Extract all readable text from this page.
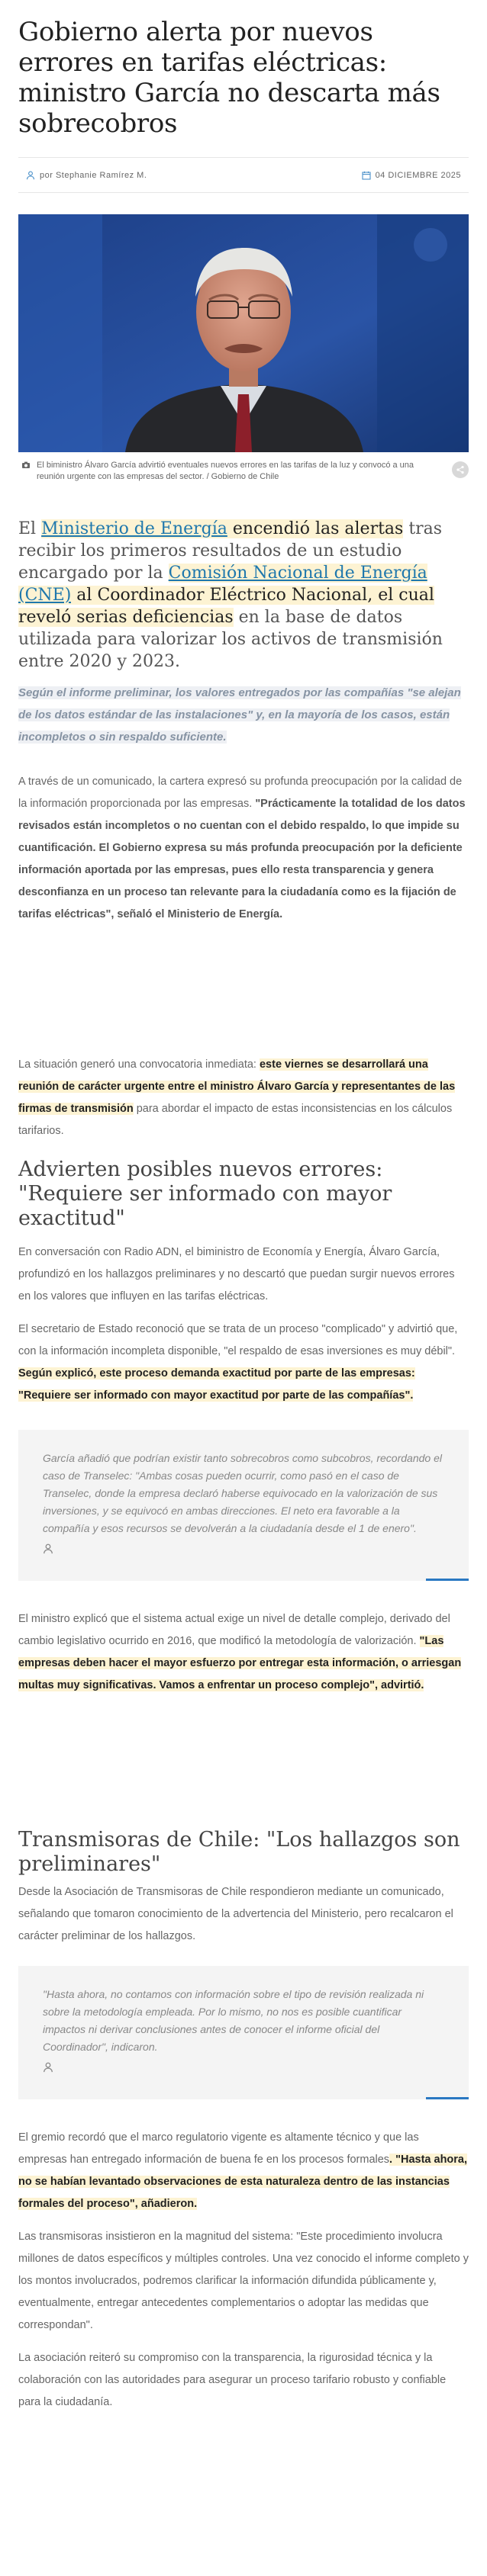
Gobierno alerta por nuevos errores en tarifas eléctricas: ministro García no descarta más sobrecobros
por Stephanie Ramírez M.	04 DICIEMBRE 2025
El biministro Álvaro García advirtió eventuales nuevos errores en las tarifas de la luz y convocó a una reunión urgente con las empresas del sector. / Gobierno de Chile

El Ministerio de Energía encendió las alertas tras recibir los primeros resultados de un estudio encargado por la Comisión Nacional de Energía (CNE) al Coordinador Eléctrico Nacional, el cual reveló serias deficiencias en la base de datos utilizada para valorizar los activos de transmisión entre 2020 y 2023.

Según el informe preliminar, los valores entregados por las compañías "se alejan de los datos estándar de las instalaciones" y, en la mayoría de los casos, están incompletos o sin respaldo suficiente.

A través de un comunicado, la cartera expresó su profunda preocupación por la calidad de la información proporcionada por las empresas. "Prácticamente la totalidad de los datos revisados están incompletos o no cuentan con el debido respaldo, lo que impide su cuantificación. El Gobierno expresa su más profunda preocupación por la deficiente información aportada por las empresas, pues ello resta transparencia y genera desconfianza en un proceso tan relevante para la ciudadanía como es la fijación de tarifas eléctricas", señaló el Ministerio de Energía.

La situación generó una convocatoria inmediata: este viernes se desarrollará una reunión de carácter urgente entre el ministro Álvaro García y representantes de las firmas de transmisión para abordar el impacto de estas inconsistencias en los cálculos tarifarios.

Advierten posibles nuevos errores: "Requiere ser informado con mayor exactitud"

En conversación con Radio ADN, el biministro de Economía y Energía, Álvaro García, profundizó en los hallazgos preliminares y no descartó que puedan surgir nuevos errores en los valores que influyen en las tarifas eléctricas.

El secretario de Estado reconoció que se trata de un proceso "complicado" y advirtió que, con la información incompleta disponible, "el respaldo de esas inversiones es muy débil". Según explicó, este proceso demanda exactitud por parte de las empresas: "Requiere ser informado con mayor exactitud por parte de las compañías".

García añadió que podrían existir tanto sobrecobros como subcobros, recordando el caso de Transelec: "Ambas cosas pueden ocurrir, como pasó en el caso de Transelec, donde la empresa declaró haberse equivocado en la valorización de sus inversiones, y se equivocó en ambas direcciones. El neto era favorable a la compañía y esos recursos se devolverán a la ciudadanía desde el 1 de enero".

El ministro explicó que el sistema actual exige un nivel de detalle complejo, derivado del cambio legislativo ocurrido en 2016, que modificó la metodología de valorización. "Las empresas deben hacer el mayor esfuerzo por entregar esta información, o arriesgan multas muy significativas. Vamos a enfrentar un proceso complejo", advirtió.

Transmisoras de Chile: "Los hallazgos son preliminares"

Desde la Asociación de Transmisoras de Chile respondieron mediante un comunicado, señalando que tomaron conocimiento de la advertencia del Ministerio, pero recalcaron el carácter preliminar de los hallazgos.

"Hasta ahora, no contamos con información sobre el tipo de revisión realizada ni sobre la metodología empleada. Por lo mismo, no nos es posible cuantificar impactos ni derivar conclusiones antes de conocer el informe oficial del Coordinador", indicaron.

El gremio recordó que el marco regulatorio vigente es altamente técnico y que las empresas han entregado información de buena fe en los procesos formales. "Hasta ahora, no se habían levantado observaciones de esta naturaleza dentro de las instancias formales del proceso", añadieron.

Las transmisoras insistieron en la magnitud del sistema: "Este procedimiento involucra millones de datos específicos y múltiples controles. Una vez conocido el informe completo y los montos involucrados, podremos clarificar la información difundida públicamente y, eventualmente, entregar antecedentes complementarios o adoptar las medidas que correspondan".

La asociación reiteró su compromiso con la transparencia, la rigurosidad técnica y la colaboración con las autoridades para asegurar un proceso tarifario robusto y confiable para la ciudadanía.
